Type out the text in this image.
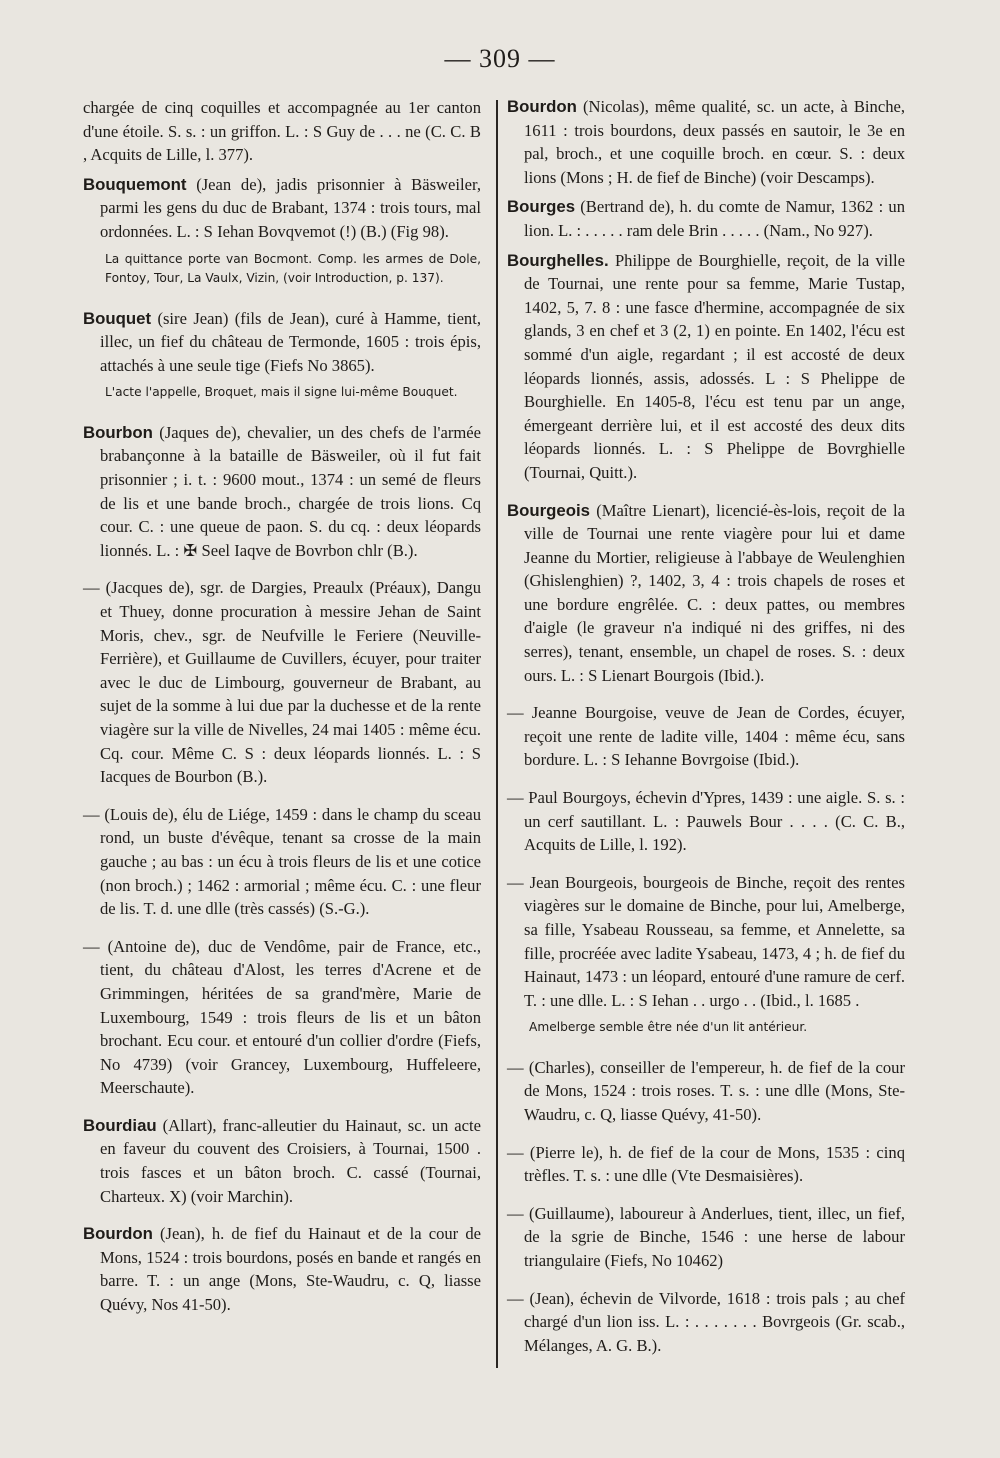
— 309 —

chargée de cinq coquilles et accompagnée au 1er canton d'une étoile. S. s. : un griffon. L. : S Guy de . . . ne (C. C. B , Acquits de Lille, l. 377).

Bouquemont (Jean de), jadis prisonnier à Bäsweiler, parmi les gens du duc de Brabant, 1374 : trois tours, mal ordonnées. L. : S Iehan Bovqvemot (!) (B.) (Fig 98).

La quittance porte van Bocmont. Comp. les armes de Dole, Fontoy, Tour, La Vaulx, Vizin, (voir Introduction, p. 137).

Bouquet (sire Jean) (fils de Jean), curé à Hamme, tient, illec, un fief du château de Termonde, 1605 : trois épis, attachés à une seule tige (Fiefs No 3865).

L'acte l'appelle, Broquet, mais il signe lui-même Bouquet.

Bourbon (Jaques de), chevalier, un des chefs de l'armée brabançonne à la bataille de Bäsweiler, où il fut fait prisonnier ; i. t. : 9600 mout., 1374 : un semé de fleurs de lis et une bande broch., chargée de trois lions. Cq cour. C. : une queue de paon. S. du cq. : deux léopards lionnés. L. : ✠ Seel Iaqve de Bovrbon chlr (B.).

— (Jacques de), sgr. de Dargies, Preaulx (Préaux), Dangu et Thuey, donne procuration à messire Jehan de Saint Moris, chev., sgr. de Neufville le Feriere (Neuville-Ferrière), et Guillaume de Cuvillers, écuyer, pour traiter avec le duc de Limbourg, gouverneur de Brabant, au sujet de la somme à lui due par la duchesse et de la rente viagère sur la ville de Nivelles, 24 mai 1405 : même écu. Cq. cour. Même C. S : deux léopards lionnés. L. : S Iacques de Bourbon (B.).

— (Louis de), élu de Liége, 1459 : dans le champ du sceau rond, un buste d'évêque, tenant sa crosse de la main gauche ; au bas : un écu à trois fleurs de lis et une cotice (non broch.) ; 1462 : armorial ; même écu. C. : une fleur de lis. T. d. une dlle (très cassés) (S.-G.).

— (Antoine de), duc de Vendôme, pair de France, etc., tient, du château d'Alost, les terres d'Acrene et de Grimmingen, héritées de sa grand'mère, Marie de Luxembourg, 1549 : trois fleurs de lis et un bâton brochant. Ecu cour. et entouré d'un collier d'ordre (Fiefs, No 4739) (voir Grancey, Luxembourg, Huffeleere, Meerschaute).

Bourdiau (Allart), franc-alleutier du Hainaut, sc. un acte en faveur du couvent des Croisiers, à Tournai, 1500 . trois fasces et un bâton broch. C. cassé (Tournai, Charteux. X) (voir Marchin).

Bourdon (Jean), h. de fief du Hainaut et de la cour de Mons, 1524 : trois bourdons, posés en bande et rangés en barre. T. : un ange (Mons, Ste-Waudru, c. Q, liasse Quévy, Nos 41-50).

Bourdon (Nicolas), même qualité, sc. un acte, à Binche, 1611 : trois bourdons, deux passés en sautoir, le 3e en pal, broch., et une coquille broch. en cœur. S. : deux lions (Mons ; H. de fief de Binche) (voir Descamps).

Bourges (Bertrand de), h. du comte de Namur, 1362 : un lion. L. : . . . . . ram dele Brin . . . . . (Nam., No 927).

Bourghelles. Philippe de Bourghielle, reçoit, de la ville de Tournai, une rente pour sa femme, Marie Tustap, 1402, 5, 7. 8 : une fasce d'hermine, accompagnée de six glands, 3 en chef et 3 (2, 1) en pointe. En 1402, l'écu est sommé d'un aigle, regardant ; il est accosté de deux léopards lionnés, assis, adossés. L : S Phelippe de Bourghielle. En 1405-8, l'écu est tenu par un ange, émergeant derrière lui, et il est accosté des deux dits léopards lionnés. L. : S Phelippe de Bovrghielle (Tournai, Quitt.).

Bourgeois (Maître Lienart), licencié-ès-lois, reçoit de la ville de Tournai une rente viagère pour lui et dame Jeanne du Mortier, religieuse à l'abbaye de Weulenghien (Ghislenghien) ?, 1402, 3, 4 : trois chapels de roses et une bordure engrêlée. C. : deux pattes, ou membres d'aigle (le graveur n'a indiqué ni des griffes, ni des serres), tenant, ensemble, un chapel de roses. S. : deux ours. L. : S Lienart Bourgois (Ibid.).

— Jeanne Bourgoise, veuve de Jean de Cordes, écuyer, reçoit une rente de ladite ville, 1404 : même écu, sans bordure. L. : S Iehanne Bovrgoise (Ibid.).

— Paul Bourgoys, échevin d'Ypres, 1439 : une aigle. S. s. : un cerf sautillant. L. : Pauwels Bour . . . . (C. C. B., Acquits de Lille, l. 192).

— Jean Bourgeois, bourgeois de Binche, reçoit des rentes viagères sur le domaine de Binche, pour lui, Amelberge, sa fille, Ysabeau Rousseau, sa femme, et Annelette, sa fille, procréée avec ladite Ysabeau, 1473, 4 ; h. de fief du Hainaut, 1473 : un léopard, entouré d'une ramure de cerf. T. : une dlle. L. : S Iehan . . urgo . . (Ibid., l. 1685 .

Amelberge semble être née d'un lit antérieur.

— (Charles), conseiller de l'empereur, h. de fief de la cour de Mons, 1524 : trois roses. T. s. : une dlle (Mons, Ste-Waudru, c. Q, liasse Quévy, 41-50).

— (Pierre le), h. de fief de la cour de Mons, 1535 : cinq trèfles. T. s. : une dlle (Vte Desmaisières).

— (Guillaume), laboureur à Anderlues, tient, illec, un fief, de la sgrie de Binche, 1546 : une herse de labour triangulaire (Fiefs, No 10462)

— (Jean), échevin de Vilvorde, 1618 : trois pals ; au chef chargé d'un lion iss. L. : . . . . . . . Bovrgeois (Gr. scab., Mélanges, A. G. B.).
